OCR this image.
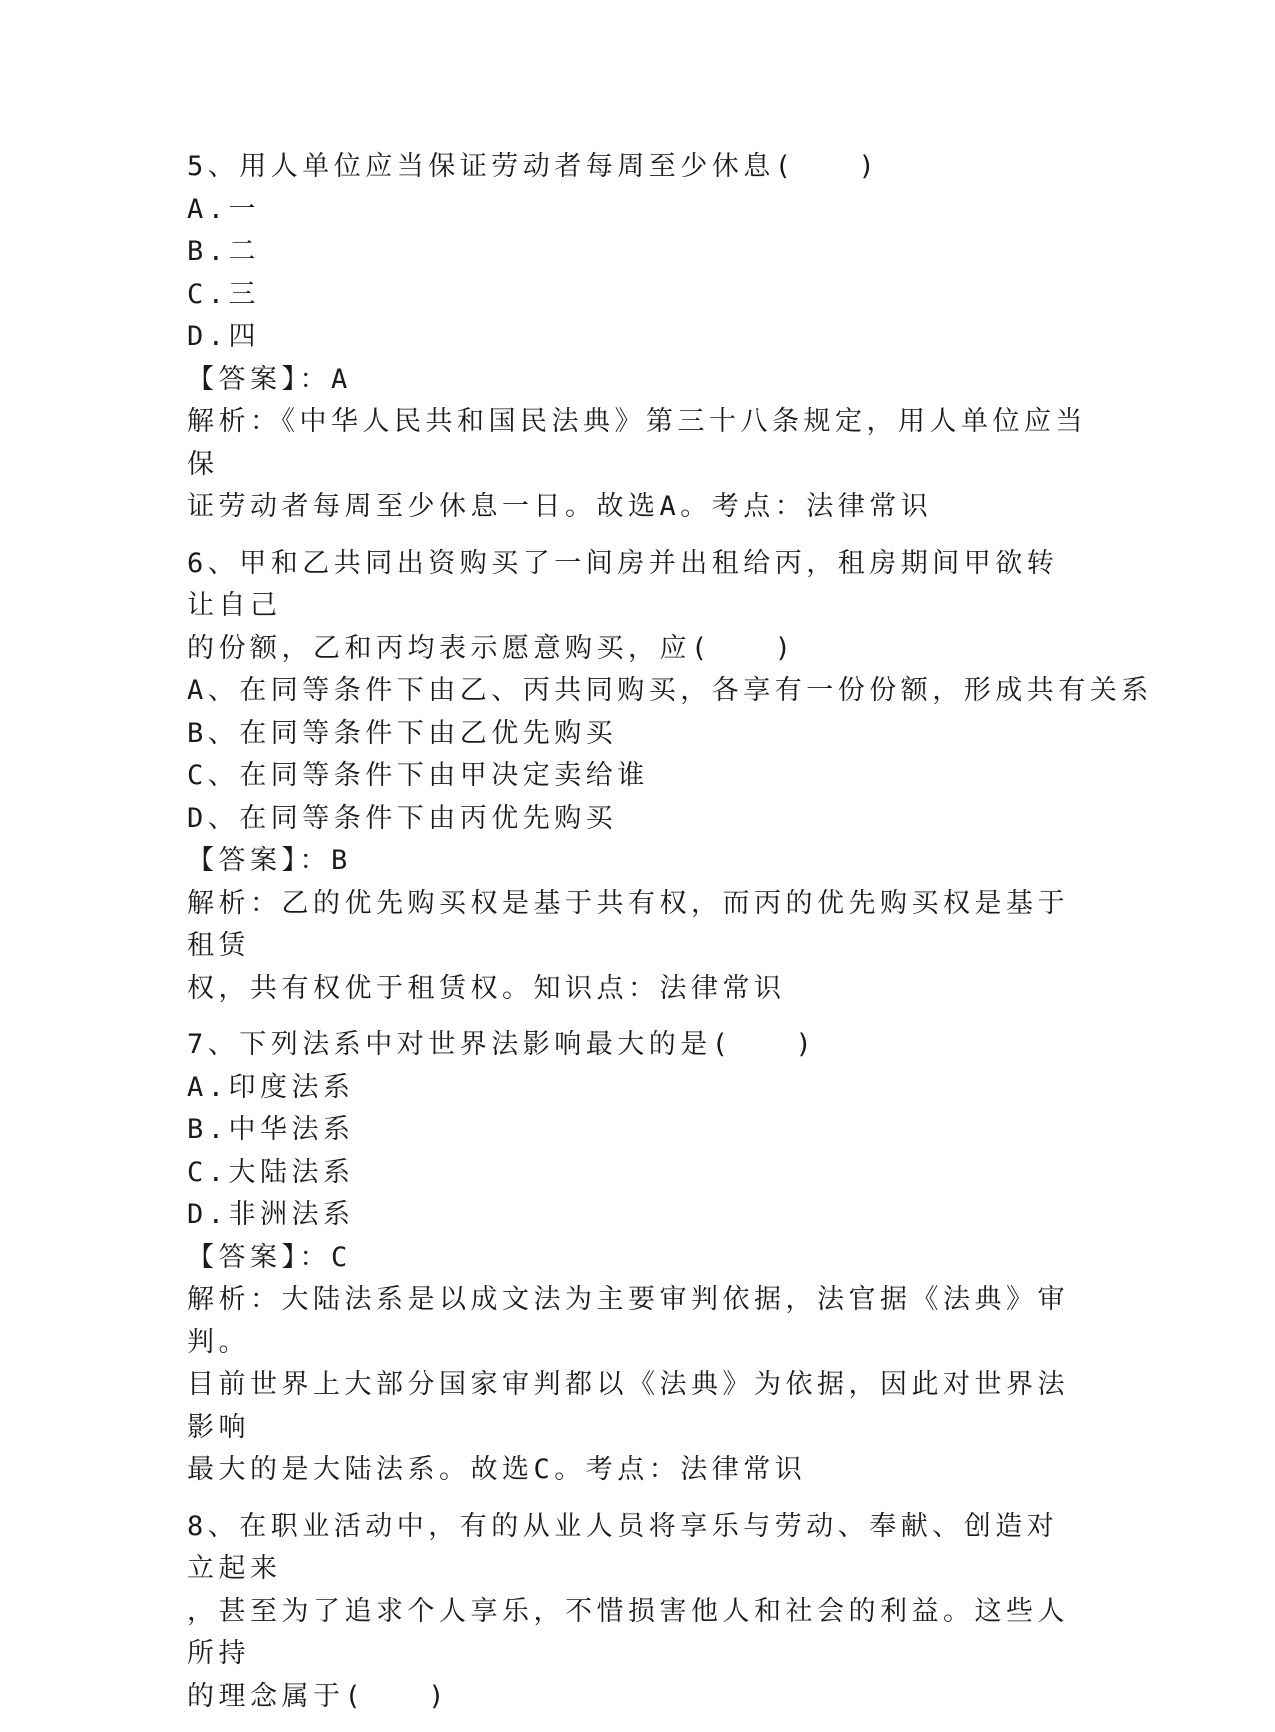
5、用人单位应当保证劳动者每周至少休息(　　)
A.一
B.二
C.三
D.四
【答案】：A
解析：《中华人民共和国民法典》第三十八条规定，用人单位应当保
证劳动者每周至少休息一日。故选A。考点：法律常识
6、甲和乙共同出资购买了一间房并出租给丙，租房期间甲欲转让自己
的份额，乙和丙均表示愿意购买，应(　　)
A、在同等条件下由乙、丙共同购买，各享有一份份额，形成共有关系
B、在同等条件下由乙优先购买
C、在同等条件下由甲决定卖给谁
D、在同等条件下由丙优先购买
【答案】：B
解析：乙的优先购买权是基于共有权，而丙的优先购买权是基于租赁
权，共有权优于租赁权。知识点：法律常识
7、下列法系中对世界法影响最大的是(　　)
A.印度法系
B.中华法系
C.大陆法系
D.非洲法系
【答案】：C
解析：大陆法系是以成文法为主要审判依据，法官据《法典》审判。
目前世界上大部分国家审判都以《法典》为依据，因此对世界法影响
最大的是大陆法系。故选C。考点：法律常识
8、在职业活动中，有的从业人员将享乐与劳动、奉献、创造对立起来
，甚至为了追求个人享乐，不惜损害他人和社会的利益。这些人所持
的理念属于(　　)
